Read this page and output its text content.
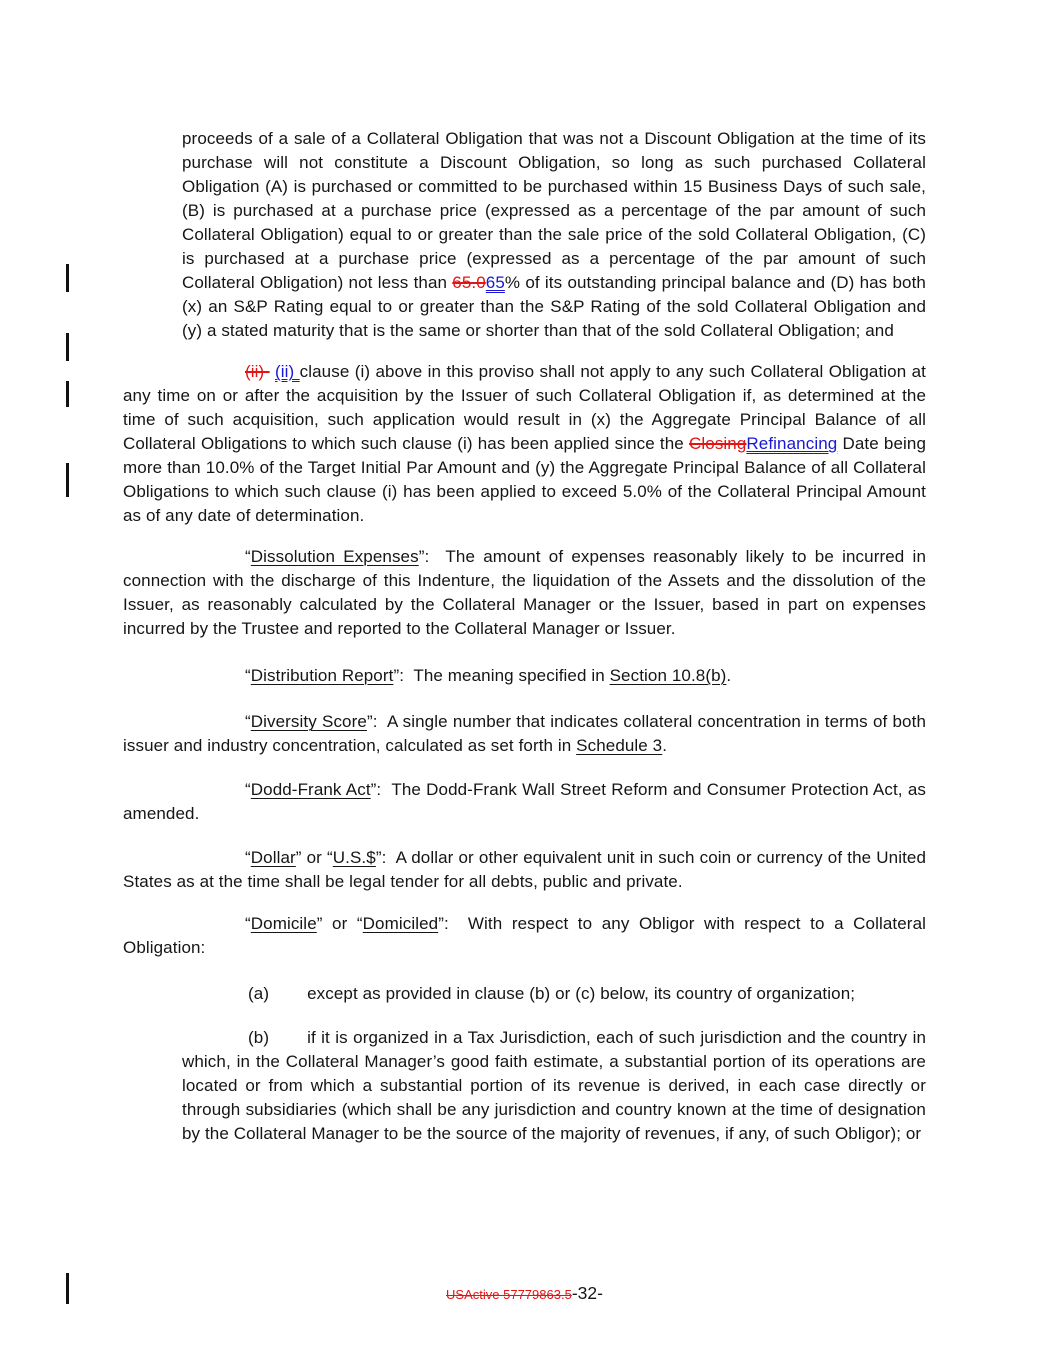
proceeds of a sale of a Collateral Obligation that was not a Discount Obligation at the time of its purchase will not constitute a Discount Obligation, so long as such purchased Collateral Obligation (A) is purchased or committed to be purchased within 15 Business Days of such sale, (B) is purchased at a purchase price (expressed as a percentage of the par amount of such Collateral Obligation) equal to or greater than the sale price of the sold Collateral Obligation, (C) is purchased at a purchase price (expressed as a percentage of the par amount of such Collateral Obligation) not less than 65.065% of its outstanding principal balance and (D) has both (x) an S&P Rating equal to or greater than the S&P Rating of the sold Collateral Obligation and (y) a stated maturity that is the same or shorter than that of the sold Collateral Obligation; and

(ii)  (ii) clause (i) above in this proviso shall not apply to any such Collateral Obligation at any time on or after the acquisition by the Issuer of such Collateral Obligation if, as determined at the time of such acquisition, such application would result in (x) the Aggregate Principal Balance of all Collateral Obligations to which such clause (i) has been applied since the ClosingRefinancing Date being more than 10.0% of the Target Initial Par Amount and (y) the Aggregate Principal Balance of all Collateral Obligations to which such clause (i) has been applied to exceed 5.0% of the Collateral Principal Amount as of any date of determination.

“Dissolution Expenses”:  The amount of expenses reasonably likely to be incurred in connection with the discharge of this Indenture, the liquidation of the Assets and the dissolution of the Issuer, as reasonably calculated by the Collateral Manager or the Issuer, based in part on expenses incurred by the Trustee and reported to the Collateral Manager or Issuer.

“Distribution Report”:  The meaning specified in Section 10.8(b).

“Diversity Score”:  A single number that indicates collateral concentration in terms of both issuer and industry concentration, calculated as set forth in Schedule 3.

“Dodd-Frank Act”:  The Dodd-Frank Wall Street Reform and Consumer Protection Act, as amended.

“Dollar” or “U.S.$”:  A dollar or other equivalent unit in such coin or currency of the United States as at the time shall be legal tender for all debts, public and private.

“Domicile” or “Domiciled”:  With respect to any Obligor with respect to a Collateral Obligation:

(a) except as provided in clause (b) or (c) below, its country of organization;

(b) if it is organized in a Tax Jurisdiction, each of such jurisdiction and the country in which, in the Collateral Manager’s good faith estimate, a substantial portion of its operations are located or from which a substantial portion of its revenue is derived, in each case directly or through subsidiaries (which shall be any jurisdiction and country known at the time of designation by the Collateral Manager to be the source of the majority of revenues, if any, of such Obligor); or

USActive 57779863.5-32-
